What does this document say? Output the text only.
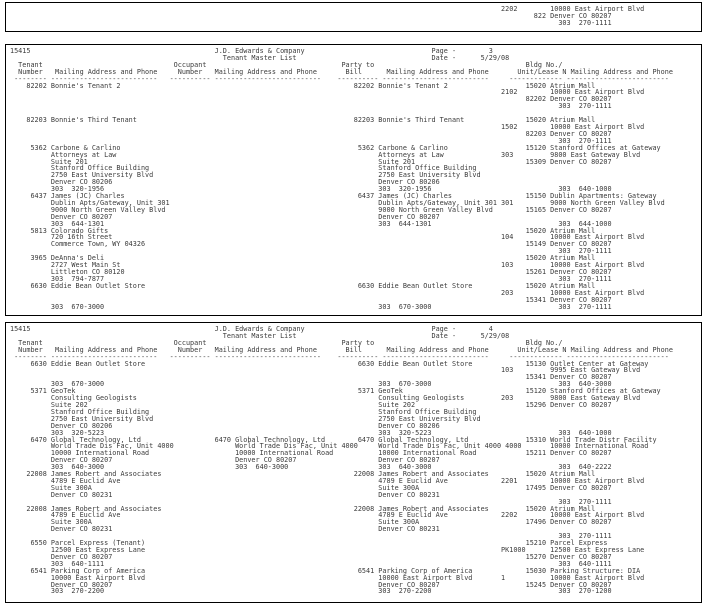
2202        10000 East Airport Blvd
822 Denver CO 80207
303  270-1111
15415                                             J.D. Edwards & Company                               Page -        3
Tenant Master List                                 Date -      5/29/08
Tenant                                Occupant                                 Party to                                     Bldg No./
Number   Mailing Address and Phone     Number   Mailing Address and Phone       Bill      Mailing Address and Phone       Unit/Lease N Mailing Address and Phone
-------- --------------------------   ---------- --------------------------    ---------- --------------------------     ------------- -------------------------
82202 Bonnie's Tenant 2                                                         82202 Bonnie's Tenant 2                   15020 Atrium Mall
2102        10000 East Airport Blvd
82202 Denver CO 80207
303  270-1111

82203 Bonnie's Third Tenant                                                     82203 Bonnie's Third Tenant               15020 Atrium Mall
1502        10000 East Airport Blvd
82203 Denver CO 80207
303  270-1111
5362 Carbone & Carlino                                                          5362 Carbone & Carlino                   15120 Stanford Offices at Gateway
Attorneys at Law                                                                Attorneys at Law              303         9800 East Gateway Blvd
Suite 201                                                                       Suite 201                           15309 Denver CO 80207
Stanford Office Building                                                        Stanford Office Building
2750 East University Blvd                                                       2750 East University Blvd
Denver CO 80206                                                                 Denver CO 80206
303  320-1956                                                                   303  320-1956                               303  640-1000
6437 James (JC) Charles                                                         6437 James (JC) Charles                  15150 Dublin Apartments: Gateway
Dublin Apts/Gateway, Unit 301                                                   Dublin Apts/Gateway, Unit 301 301         9000 North Green Valley Blvd
9000 North Green Valley Blvd                                                    9000 North Green Valley Blvd        15165 Denver CO 80207
Denver CO 80207                                                                 Denver CO 80207
303  644-1301                                                                   303  644-1301                               303  644-1000
5813 Colorado Gifts                                                                                                      15020 Atrium Mall
720 16th Street                                                                                               104         10000 East Airport Blvd
Commerce Town, WY 04326                                                                                             15149 Denver CO 80207
303  270-1111
3965 DeAnna's Deli                                                                                                       15020 Atrium Mall
2727 West Main St                                                                                             103         10000 East Airport Blvd
Littleton CO 80120                                                                                                  15261 Denver CO 80207
303  794-7877                                                                                                               303  270-1111
6630 Eddie Bean Outlet Store                                                    6630 Eddie Bean Outlet Store             15020 Atrium Mall
203         10000 East Airport Blvd
15341 Denver CO 80207
303  670-3000                                                                   303  670-3000                               303  270-1111
15415                                             J.D. Edwards & Company                               Page -        4
Tenant Master List                                 Date -      5/29/08
Tenant                                Occupant                                 Party to                                     Bldg No./
Number   Mailing Address and Phone     Number   Mailing Address and Phone       Bill      Mailing Address and Phone       Unit/Lease N Mailing Address and Phone
-------- --------------------------   ---------- --------------------------    ---------- --------------------------     ------------- -------------------------
6630 Eddie Bean Outlet Store                                                    6630 Eddie Bean Outlet Store             15130 Outlet Center at Gateway
103         9995 East Gateway Blvd
15341 Denver CO 80207
303  670-3000                                                                   303  670-3000                               303  640-3000
5371 GeoTek                                                                     5371 GeoTek                              15120 Stanford Offices at Gateway
Consulting Geologists                                                           Consulting Geologists         203         9800 East Gateway Blvd
Suite 202                                                                       Suite 202                           15296 Denver CO 80207
Stanford Office Building                                                        Stanford Office Building
2750 East University Blvd                                                       2750 East University Blvd
Denver CO 80206                                                                 Denver CO 80206
303  320-5223                                                                   303  320-5223                               303  640-1000
6470 Global Technology, Ltd                  6470 Global Technology, Ltd        6470 Global Technology, Ltd              15310 World Trade Distr Facility
World Trade Dis Fac, Unit 4000               World Trade Dis Fac, Unit 4000     World Trade Dis Fac, Unit 4000 4000       10000 International Road
10000 International Road                     10000 International Road           10000 International Road            15211 Denver CO 80207
Denver CO 80207                              Denver CO 80207                    Denver CO 80207
303  640-3000                                303  640-3000                      303  640-3000                               303  640-2222
22008 James Robert and Associates                                               22008 James Robert and Associates         15020 Atrium Mall
4789 E Euclid Ave                                                               4789 E Euclid Ave             2201        10000 East Airport Blvd
Suite 300A                                                                      Suite 300A                          17495 Denver CO 80207
Denver CO 80231                                                                 Denver CO 80231
303  270-1111
22008 James Robert and Associates                                               22008 James Robert and Associates         15020 Atrium Mall
4789 E Euclid Ave                                                               4789 E Euclid Ave             2202        10000 East Airport Blvd
Suite 300A                                                                      Suite 300A                          17496 Denver CO 80207
Denver CO 80231                                                                 Denver CO 80231
303  270-1111
6550 Parcel Express (Tenant)                                                                                             15210 Parcel Express
12500 East Express Lane                                                                                       PK1000      12500 East Express Lane
Denver CO 80207                                                                                                     15270 Denver CO 80207
303  640-1111                                                                                                               303  640-1111
6541 Parking Corp of America                                                    6541 Parking Corp of America             15030 Parking Structure: DIA
10000 East Airport Blvd                                                         10000 East Airport Blvd       1           10000 East Airport Blvd
Denver CO 80207                                                                 Denver CO 80207                     15245 Denver CO 80207
303  270-2200                                                                   303  270-2200                               303  270-1200
